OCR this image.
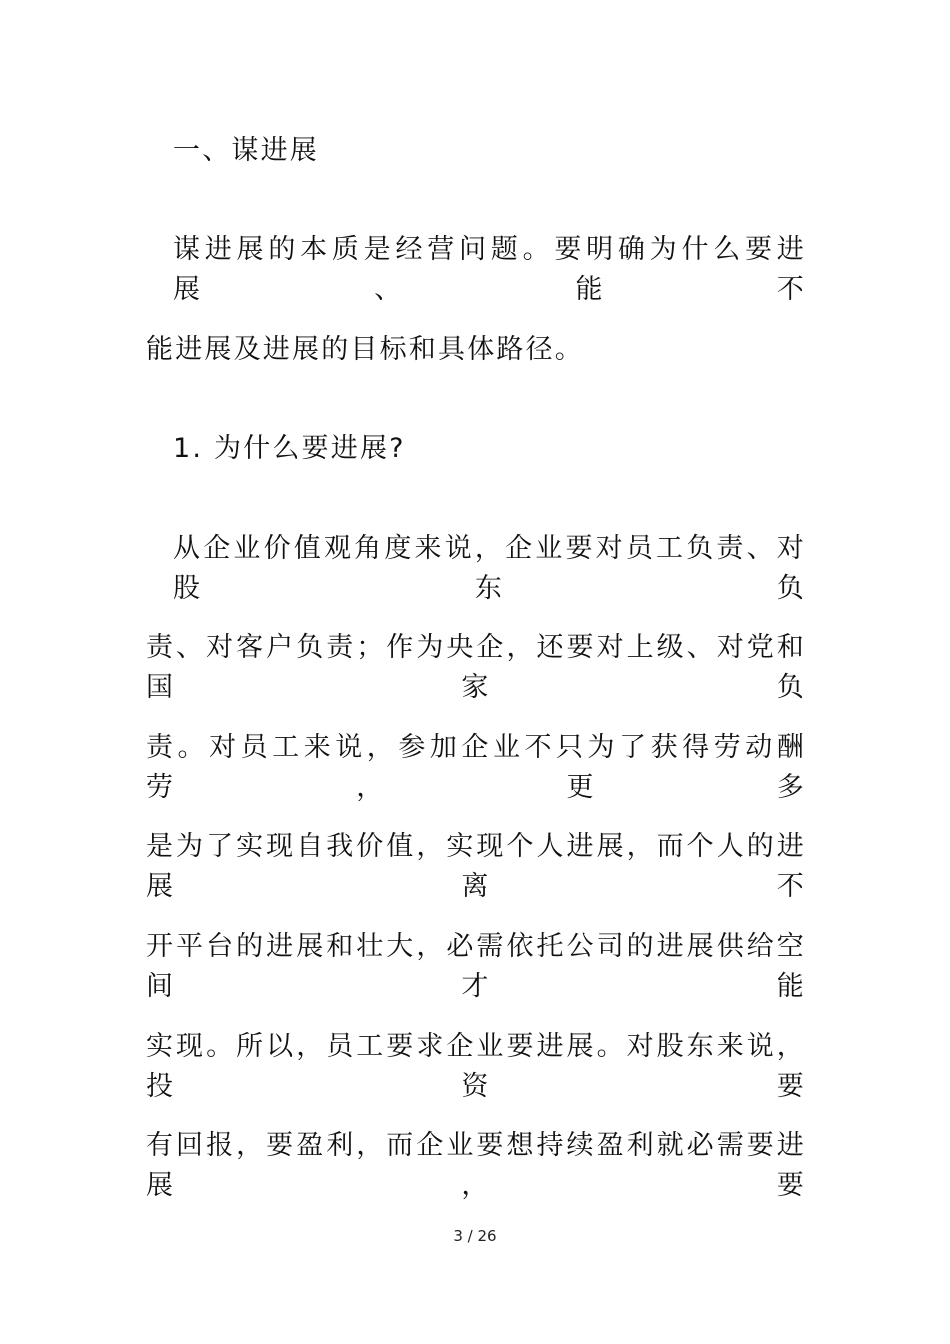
一、谋进展
谋进展的本质是经营问题。要明确为什么要进展、能不
能进展及进展的目标和具体路径。
1. 为什么要进展?
从企业价值观角度来说，企业要对员工负责、对股东负
责、对客户负责；作为央企，还要对上级、对党和国家负
责。对员工来说，参加企业不只为了获得劳动酬劳，更多
是为了实现自我价值，实现个人进展，而个人的进展离不
开平台的进展和壮大，必需依托公司的进展供给空间才能
实现。所以，员工要求企业要进展。对股东来说，投资要
有回报，要盈利，而企业要想持续盈利就必需要进展，要
3 / 26
